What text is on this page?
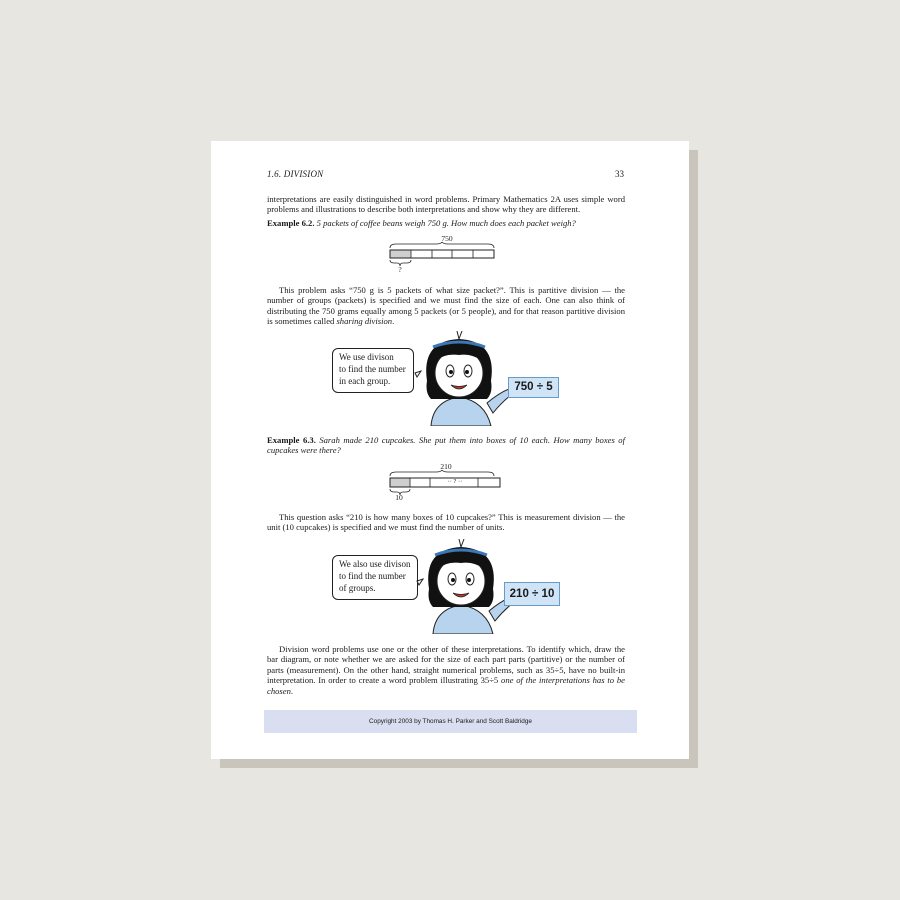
1.6. DIVISION	33
interpretations are easily distinguished in word problems. Primary Mathematics 2A uses simple word problems and illustrations to describe both interpretations and show why they are different.
Example 6.2. 5 packets of coffee beans weigh 750 g. How much does each packet weigh?
750
?
This problem asks “750 g is 5 packets of what size packet?”. This is partitive division — the number of groups (packets) is specified and we must find the size of each. One can also think of distributing the 750 grams equally among 5 packets (or 5 people), and for that reason partitive division is sometimes called sharing division.
We use divison
to find the number
in each group.
750 ÷ 5
Example 6.3. Sarah made 210 cupcakes. She put them into boxes of 10 each. How many boxes of cupcakes were there?
210
·· ? ··
10
This question asks “210 is how many boxes of 10 cupcakes?” This is measurement division — the unit (10 cupcakes) is specified and we must find the number of units.
We also use divison
to find the number
of groups.
210 ÷ 10
Division word problems use one or the other of these interpretations. To identify which, draw the bar diagram, or note whether we are asked for the size of each part parts (partitive) or the number of parts (measurement). On the other hand, straight numerical problems, such as 35÷5, have no built-in interpretation. In order to create a word problem illustrating 35÷5 one of the interpretations has to be chosen.
Copyright 2003 by Thomas H. Parker and Scott Baldridge
